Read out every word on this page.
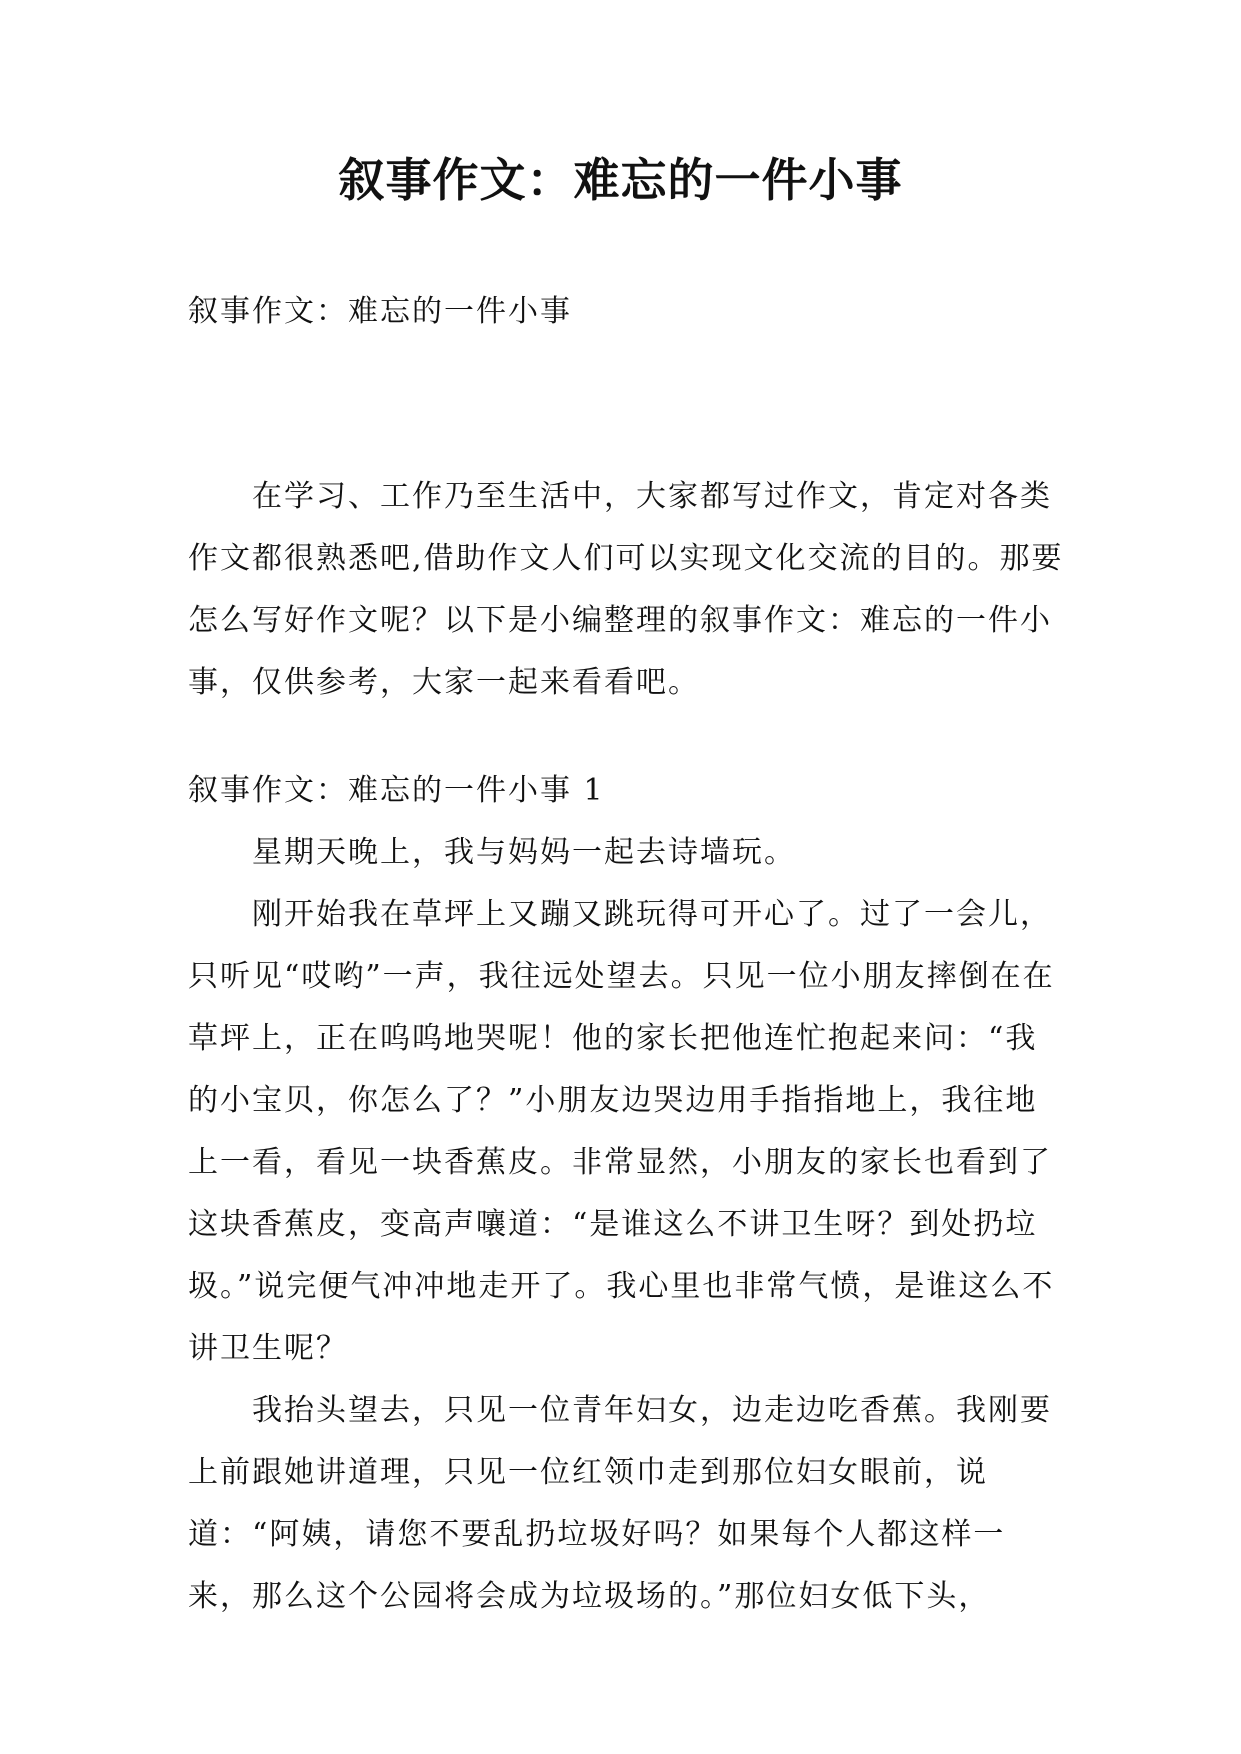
叙事作文：难忘的一件小事
叙事作文：难忘的一件小事

在学习、工作乃至生活中，大家都写过作文，肯定对各类作文都很熟悉吧,借助作文人们可以实现文化交流的目的。那要怎么写好作文呢？以下是小编整理的叙事作文：难忘的一件小事，仅供参考，大家一起来看看吧。

叙事作文：难忘的一件小事 1

星期天晚上，我与妈妈一起去诗墙玩。

刚开始我在草坪上又蹦又跳玩得可开心了。过了一会儿，只听见“哎哟”一声，我往远处望去。只见一位小朋友摔倒在在草坪上，正在呜呜地哭呢！他的家长把他连忙抱起来问：“我的小宝贝，你怎么了？”小朋友边哭边用手指指地上，我往地上一看，看见一块香蕉皮。非常显然，小朋友的家长也看到了这块香蕉皮，变高声嚷道：“是谁这么不讲卫生呀？到处扔垃圾。”说完便气冲冲地走开了。我心里也非常气愤，是谁这么不讲卫生呢？

我抬头望去，只见一位青年妇女，边走边吃香蕉。我刚要上前跟她讲道理，只见一位红领巾走到那位妇女眼前，说道：“阿姨，请您不要乱扔垃圾好吗？如果每个人都这样一来，那么这个公园将会成为垃圾场的。”那位妇女低下头，
